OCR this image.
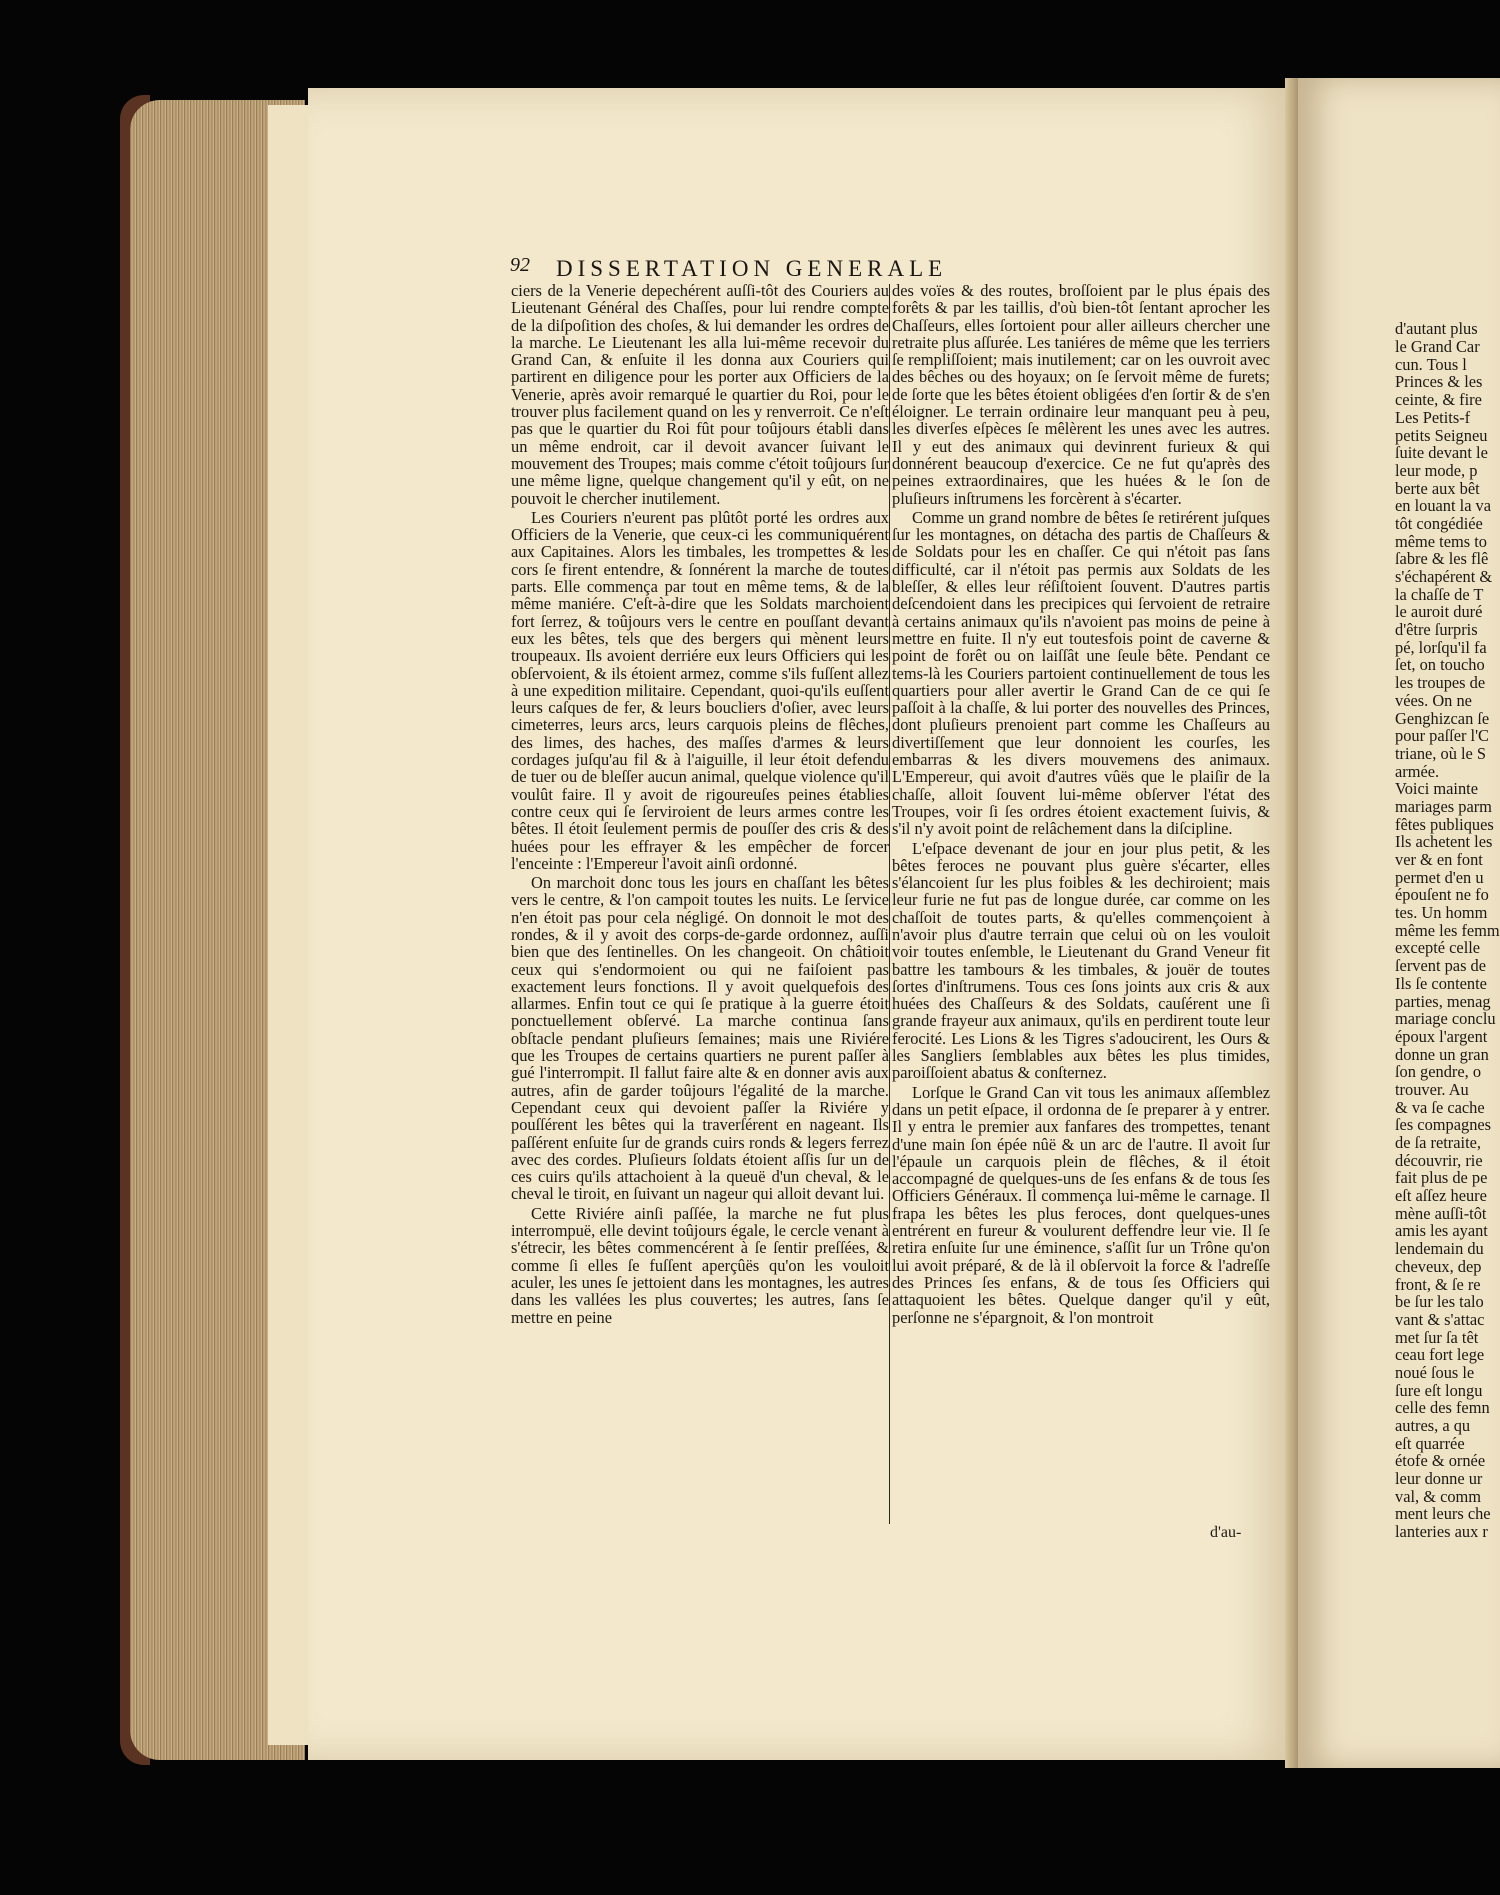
92 DISSERTATION GENERALE

ciers de la Venerie depechérent auſſi-tôt des Couriers au Lieutenant Général des Chaſſes, pour lui rendre compte de la diſpoſition des choſes, & lui demander les ordres de la marche. Le Lieutenant les alla lui-même recevoir du Grand Can, & enſuite il les donna aux Couriers qui partirent en diligence pour les porter aux Officiers de la Venerie, après avoir remarqué le quartier du Roi, pour le trouver plus facilement quand on les y renverroit. Ce n'eſt pas que le quartier du Roi fût pour toûjours établi dans un même endroit, car il devoit avancer ſuivant le mouvement des Troupes; mais comme c'étoit toûjours ſur une même ligne, quelque changement qu'il y eût, on ne pouvoit le chercher inutilement.

Les Couriers n'eurent pas plûtôt porté les ordres aux Officiers de la Venerie, que ceux-ci les communiquérent aux Capitaines. Alors les timbales, les trompettes & les cors ſe firent entendre, & ſonnérent la marche de toutes parts. Elle commença par tout en même tems, & de la même maniére. C'eſt-à-dire que les Soldats marchoient fort ſerrez, & toûjours vers le centre en pouſſant devant eux les bêtes, tels que des bergers qui mènent leurs troupeaux. Ils avoient derriére eux leurs Officiers qui les obſervoient, & ils étoient armez, comme s'ils fuſſent allez à une expedition militaire. Cependant, quoi-qu'ils euſſent leurs caſques de fer, & leurs boucliers d'oſier, avec leurs cimeterres, leurs arcs, leurs carquois pleins de flêches, des limes, des haches, des maſſes d'armes & leurs cordages juſqu'au fil & à l'aiguille, il leur étoit defendu de tuer ou de bleſſer aucun animal, quelque violence qu'il voulût faire. Il y avoit de rigoureuſes peines établies contre ceux qui ſe ſerviroient de leurs armes contre les bêtes. Il étoit ſeulement permis de pouſſer des cris & des huées pour les effrayer & les empêcher de forcer l'enceinte : l'Empereur l'avoit ainſi ordonné.

On marchoit donc tous les jours en chaſſant les bêtes vers le centre, & l'on campoit toutes les nuits. Le ſervice n'en étoit pas pour cela négligé. On donnoit le mot des rondes, & il y avoit des corps-de-garde ordonnez, auſſi bien que des ſentinelles. On les changeoit. On châtioit ceux qui s'endormoient ou qui ne faiſoient pas exactement leurs fonctions. Il y avoit quelquefois des allarmes. Enfin tout ce qui ſe pratique à la guerre étoit ponctuellement obſervé. La marche continua ſans obſtacle pendant pluſieurs ſemaines; mais une Riviére que les Troupes de certains quartiers ne purent paſſer à gué l'interrompit. Il fallut faire alte & en donner avis aux autres, afin de garder toûjours l'égalité de la marche. Cependant ceux qui devoient paſſer la Riviére y pouſſérent les bêtes qui la traverſérent en nageant. Ils paſſérent enſuite ſur de grands cuirs ronds & legers ferrez avec des cordes. Pluſieurs ſoldats étoient aſſis ſur un de ces cuirs qu'ils attachoient à la queuë d'un cheval, & le cheval le tiroit, en ſuivant un nageur qui alloit devant lui.

Cette Riviére ainſi paſſée, la marche ne fut plus interrompuë, elle devint toûjours égale, le cercle venant à s'étrecir, les bêtes commencérent à ſe ſentir preſſées, & comme ſi elles ſe fuſſent aperçûës qu'on les vouloit aculer, les unes ſe jettoient dans les montagnes, les autres dans les vallées les plus couvertes; les autres, ſans ſe mettre en peine

des voïes & des routes, broſſoient par le plus épais des forêts & par les taillis, d'où bien-tôt ſentant aprocher les Chaſſeurs, elles ſortoient pour aller ailleurs chercher une retraite plus aſſurée. Les taniéres de même que les terriers ſe rempliſſoient; mais inutilement; car on les ouvroit avec des bêches ou des hoyaux; on ſe ſervoit même de furets; de ſorte que les bêtes étoient obligées d'en ſortir & de s'en éloigner. Le terrain ordinaire leur manquant peu à peu, les diverſes eſpèces ſe mêlèrent les unes avec les autres. Il y eut des animaux qui devinrent furieux & qui donnérent beaucoup d'exercice. Ce ne fut qu'après des peines extraordinaires, que les huées & le ſon de pluſieurs inſtrumens les forcèrent à s'écarter.

Comme un grand nombre de bêtes ſe retirérent juſques ſur les montagnes, on détacha des partis de Chaſſeurs & de Soldats pour les en chaſſer. Ce qui n'étoit pas ſans difficulté, car il n'étoit pas permis aux Soldats de les bleſſer, & elles leur réſiſtoient ſouvent. D'autres partis deſcendoient dans les precipices qui ſervoient de retraire à certains animaux qu'ils n'avoient pas moins de peine à mettre en fuite. Il n'y eut toutesfois point de caverne & point de forêt ou on laiſſât une ſeule bête. Pendant ce tems-là les Couriers partoient continuellement de tous les quartiers pour aller avertir le Grand Can de ce qui ſe paſſoit à la chaſſe, & lui porter des nouvelles des Princes, dont pluſieurs prenoient part comme les Chaſſeurs au divertiſſement que leur donnoient les courſes, les embarras & les divers mouvemens des animaux. L'Empereur, qui avoit d'autres vûës que le plaiſir de la chaſſe, alloit ſouvent lui-même obſerver l'état des Troupes, voir ſi ſes ordres étoient exactement ſuivis, & s'il n'y avoit point de relâchement dans la diſcipline.

L'eſpace devenant de jour en jour plus petit, & les bêtes feroces ne pouvant plus guère s'écarter, elles s'élancoient ſur les plus foibles & les dechiroient; mais leur furie ne fut pas de longue durée, car comme on les chaſſoit de toutes parts, & qu'elles commençoient à n'avoir plus d'autre terrain que celui où on les vouloit voir toutes enſemble, le Lieutenant du Grand Veneur fit battre les tambours & les timbales, & jouër de toutes ſortes d'inſtrumens. Tous ces ſons joints aux cris & aux huées des Chaſſeurs & des Soldats, cauſérent une ſi grande frayeur aux animaux, qu'ils en perdirent toute leur ferocité. Les Lions & les Tigres s'adoucirent, les Ours & les Sangliers ſemblables aux bêtes les plus timides, paroiſſoient abatus & conſternez.

Lorſque le Grand Can vit tous les animaux aſſemblez dans un petit eſpace, il ordonna de ſe preparer à y entrer. Il y entra le premier aux fanfares des trompettes, tenant d'une main ſon épée nûë & un arc de l'autre. Il avoit ſur l'épaule un carquois plein de flêches, & il étoit accompagné de quelques-uns de ſes enfans & de tous ſes Officiers Généraux. Il commença lui-même le carnage. Il frapa les bêtes les plus feroces, dont quelques-unes entrérent en fureur & voulurent deffendre leur vie. Il ſe retira enſuite ſur une éminence, s'aſſit ſur un Trône qu'on lui avoit préparé, & de là il obſervoit la force & l'adreſſe des Princes ſes enfans, & de tous ſes Officiers qui attaquoient les bêtes. Quelque danger qu'il y eût, perſonne ne s'épargnoit, & l'on montroit

d'au-
d'autant plus
le Grand Car
cun. Tous l
Princes & les
ceinte, & fire
Les Petits-f
petits Seigneu
ſuite devant le
leur mode, p
berte aux bêt
en louant la va
tôt congédiée
même tems to
ſabre & les flê
s'échapérent &
la chaſſe de T
le auroit duré
d'être ſurpris
pé, lorſqu'il fa
ſet, on toucho
les troupes de
vées. On ne
Genghizcan ſe
pour paſſer l'C
triane, où le S
armée.
Voici mainte
mariages parm
fêtes publiques
Ils achetent les
ver & en font
permet d'en u
épouſent ne fo
tes. Un homm
même les femm
excepté celle
ſervent pas de
Ils ſe contente
parties, menag
mariage conclu
époux l'argent
donne un gran
ſon gendre, o
trouver. Au
& va ſe cache
ſes compagnes
de ſa retraite,
découvrir, rie
fait plus de pe
eſt aſſez heure
mène auſſi-tôt
amis les ayant
lendemain du
cheveux, dep
front, & ſe re
be ſur les talo
vant & s'attac
met ſur ſa têt
ceau fort lege
noué ſous le
ſure eſt longu
celle des femn
autres, a qu
eſt quarrée
étofe & ornée
leur donne ur
val, & comm
ment leurs che
lanteries aux r
